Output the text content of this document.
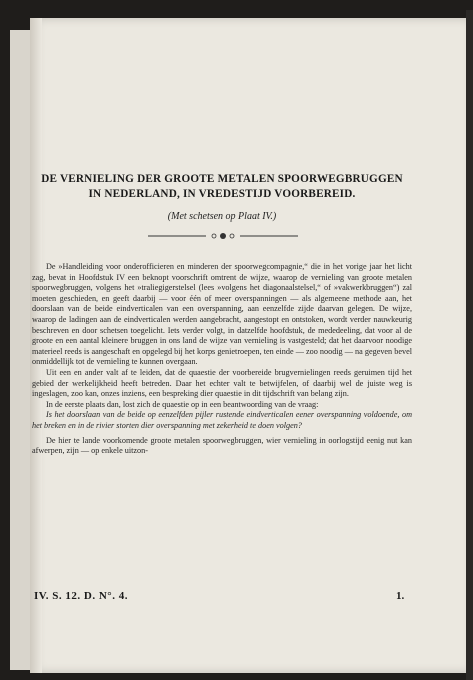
DE VERNIELING DER GROOTE METALEN SPOORWEGBRUGGEN
IN NEDERLAND, IN VREDESTIJD VOORBEREID.
(Met schetsen op Plaat IV.)

De »Handleiding voor onderofficieren en minderen der spoorwegcompagnie,“ die in het vorige jaar het licht zag, bevat in Hoofdstuk IV een beknopt voorschrift omtrent de wijze, waarop de vernieling van groote metalen spoorwegbruggen, volgens het »traliegigerstelsel (lees »volgens het diagonaalstelsel,“ of »vakwerkbruggen“) zal moeten geschieden, en geeft daarbij — voor één of meer overspanningen — als algemeene methode aan, het doorslaan van de beide eindverticalen van een overspanning, aan eenzelfde zijde daarvan gelegen. De wijze, waarop de ladingen aan de eindverticalen werden aangebracht, aangestopt en ontstoken, wordt verder nauwkeurig beschreven en door schetsen toegelicht. Iets verder volgt, in datzelfde hoofdstuk, de mededeeling, dat voor al de groote en een aantal kleinere bruggen in ons land de wijze van vernieling is vastgesteld; dat het daarvoor noodige materieel reeds is aangeschaft en opgelegd bij het korps genietroepen, ten einde — zoo noodig — na gegeven bevel onmiddellijk tot de vernieling te kunnen overgaan.

Uit een en ander valt af te leiden, dat de quaestie der voorbereide brugvernielingen reeds geruimen tijd het gebied der werkelijkheid heeft betreden. Daar het echter valt te betwijfelen, of daarbij wel de juiste weg is ingeslagen, zoo kan, onzes inziens, een bespreking dier quaestie in dit tijdschrift van belang zijn.

In de eerste plaats dan, lost zich de quaestie op in een beantwoording van de vraag:

Is het doorslaan van de beide op eenzelfden pijler rustende eindverticalen eener overspanning voldoende, om het breken en in de rivier storten dier overspanning met zekerheid te doen volgen?

De hier te lande voorkomende groote metalen spoorwegbruggen, wier vernieling in oorlogstijd eenig nut kan afwerpen, zijn — op enkele uitzon-

IV. S. 12. D. N°. 4.	1.
